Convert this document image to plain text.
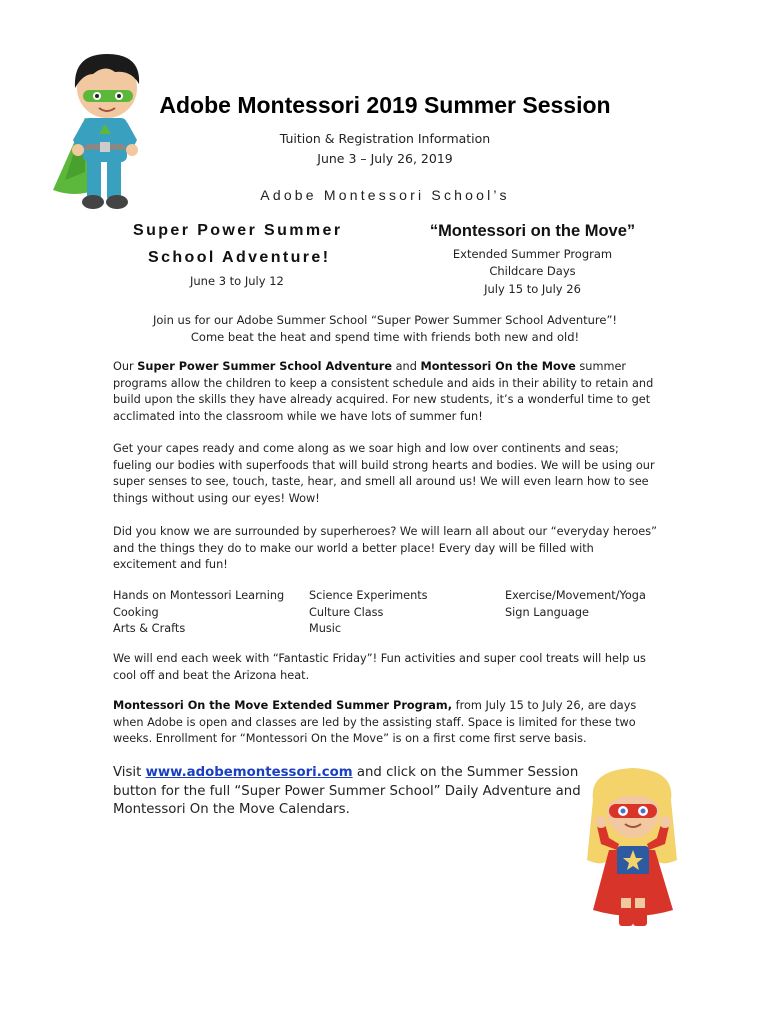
Adobe Montessori 2019 Summer Session
Tuition & Registration Information
June 3 – July 26, 2019
Adobe Montessori School’s
Super Power Summer
School Adventure!
June 3 to July 12
“Montessori on the Move”
Extended Summer Program
Childcare Days
July 15 to July 26
Join us for our Adobe Summer School “Super Power Summer School Adventure”!
Come beat the heat and spend time with friends both new and old!
Our Super Power Summer School Adventure and Montessori On the Move summer programs allow the children to keep a consistent schedule and aids in their ability to retain and build upon the skills they have already acquired. For new students, it’s a wonderful time to get acclimated into the classroom while we have lots of summer fun!
Get your capes ready and come along as we soar high and low over continents and seas; fueling our bodies with superfoods that will build strong hearts and bodies. We will be using our super senses to see, touch, taste, hear, and smell all around us! We will even learn how to see things without using our eyes! Wow!
Did you know we are surrounded by superheroes? We will learn all about our “everyday heroes” and the things they do to make our world a better place! Every day will be filled with excitement and fun!
Hands on Montessori Learning
Cooking
Arts & Crafts
Science Experiments
Culture Class
Music
Exercise/Movement/Yoga
Sign Language
We will end each week with “Fantastic Friday”! Fun activities and super cool treats will help us cool off and beat the Arizona heat.
Montessori On the Move Extended Summer Program, from July 15 to July 26, are days when Adobe is open and classes are led by the assisting staff. Space is limited for these two weeks. Enrollment for “Montessori On the Move” is on a first come first serve basis.
Visit www.adobemontessori.com and click on the Summer Session button for the full “Super Power Summer School” Daily Adventure and Montessori On the Move Calendars.
